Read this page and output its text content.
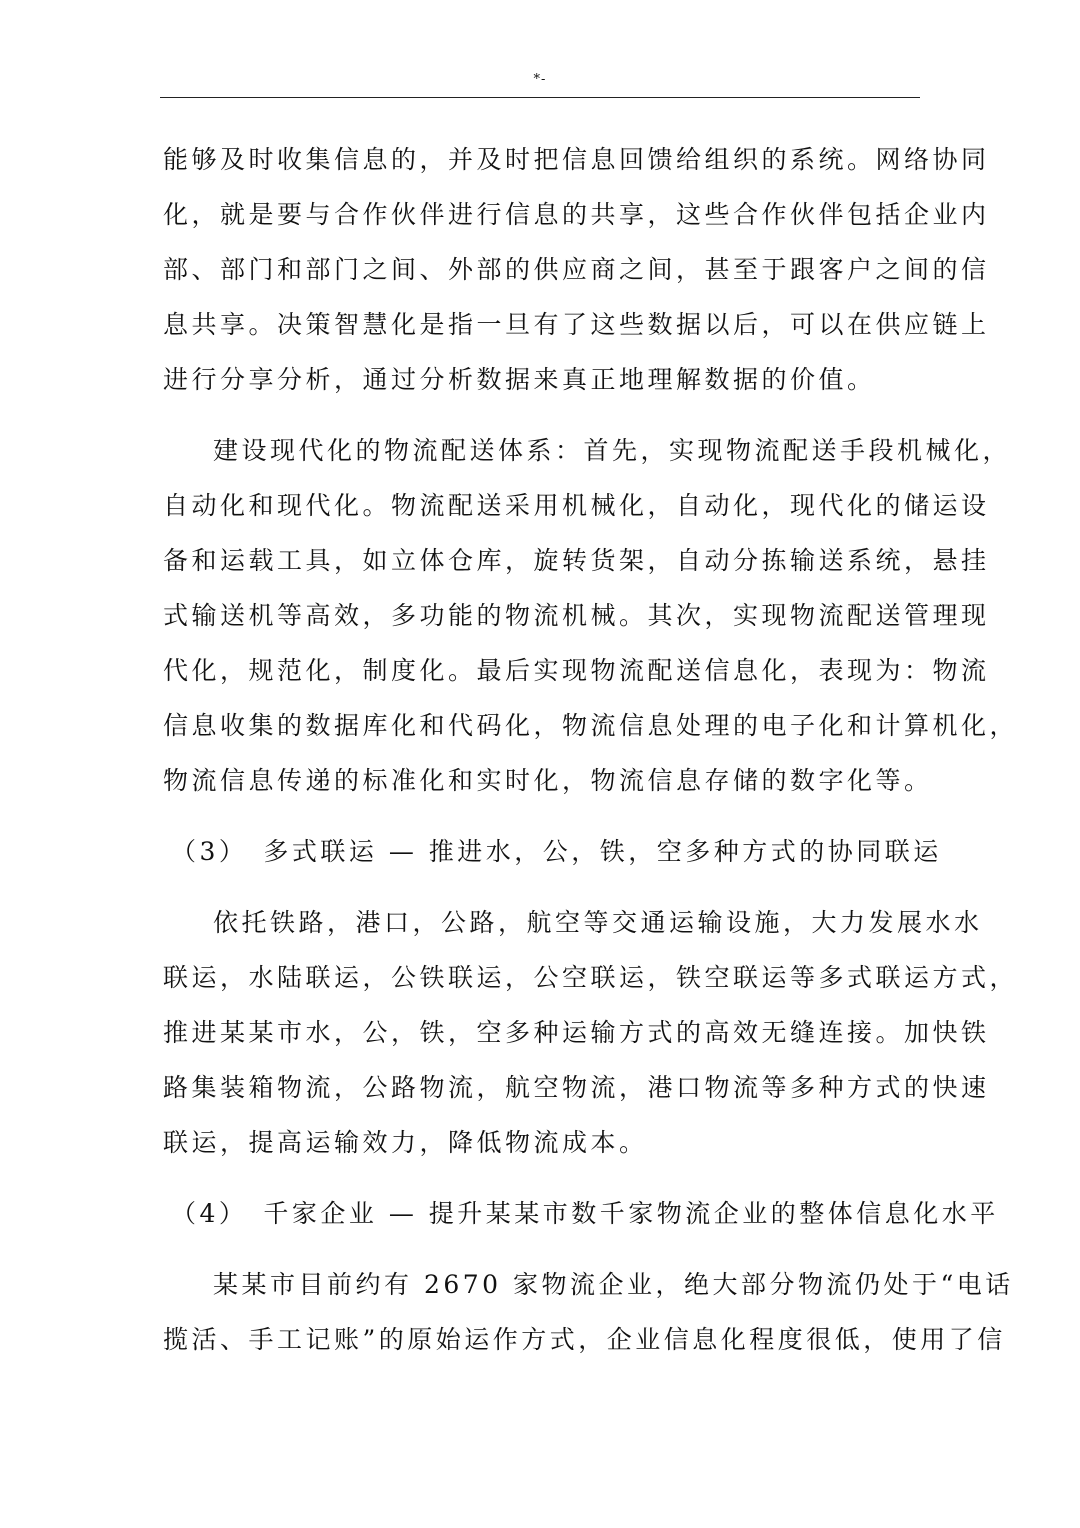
*-
能够及时收集信息的，并及时把信息回馈给组织的系统。网络协同
化，就是要与合作伙伴进行信息的共享，这些合作伙伴包括企业内
部、部门和部门之间、外部的供应商之间，甚至于跟客户之间的信
息共享。决策智慧化是指一旦有了这些数据以后，可以在供应链上
进行分享分析，通过分析数据来真正地理解数据的价值。
建设现代化的物流配送体系：首先，实现物流配送手段机械化，
自动化和现代化。物流配送采用机械化，自动化，现代化的储运设
备和运载工具，如立体仓库，旋转货架，自动分拣输送系统，悬挂
式输送机等高效，多功能的物流机械。其次，实现物流配送管理现
代化，规范化，制度化。最后实现物流配送信息化，表现为：物流
信息收集的数据库化和代码化，物流信息处理的电子化和计算机化，
物流信息传递的标准化和实时化，物流信息存储的数字化等。
（3）　多式联运 — 推进水，公，铁，空多种方式的协同联运
依托铁路，港口，公路，航空等交通运输设施，大力发展水水
联运，水陆联运，公铁联运，公空联运，铁空联运等多式联运方式，
推进某某市水，公，铁，空多种运输方式的高效无缝连接。加快铁
路集装箱物流，公路物流，航空物流，港口物流等多种方式的快速
联运，提高运输效力，降低物流成本。
（4）　千家企业 — 提升某某市数千家物流企业的整体信息化水平
某某市目前约有 2670 家物流企业，绝大部分物流仍处于“电话
揽活、手工记账”的原始运作方式，企业信息化程度很低，使用了信
